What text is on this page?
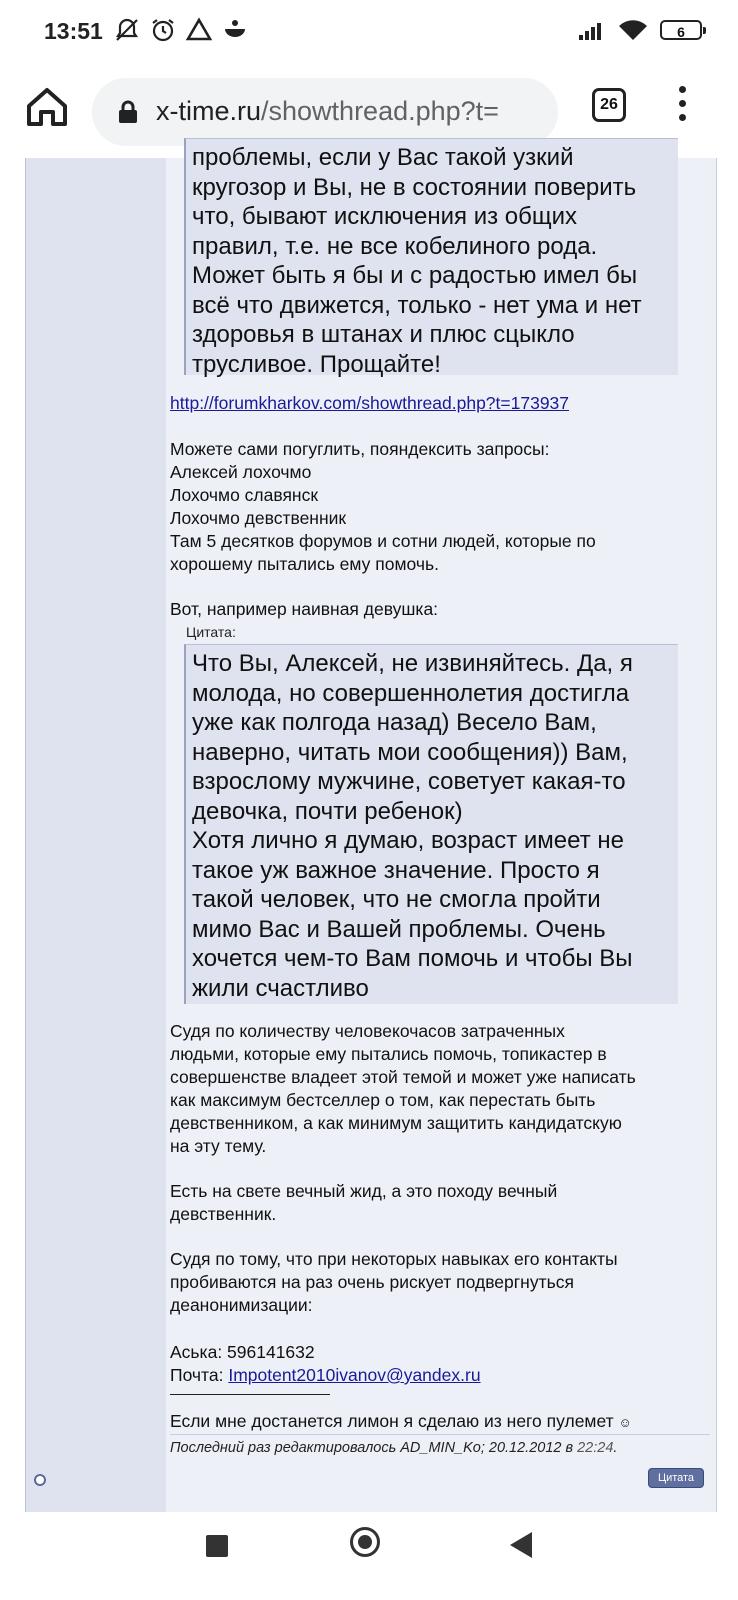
13:51	6
x-time.ru/showthread.php?t=	26
проблемы, если у Вас такой узкий
кругозор и Вы, не в состоянии поверить
что, бывают исключения из общих
правил, т.е. не все кобелиного рода.
Может быть я бы и с радостью имел бы
всё что движется, только - нет ума и нет
здоровья в штанах и плюс сцыкло
трусливое. Прощайте!
http://forumkharkov.com/showthread.php?t=173937
Можете сами погуглить, пояндексить запросы:
Алексей лохочмо
Лохочмо славянск
Лохочмо девственник
Там 5 десятков форумов и сотни людей, которые по
хорошему пытались ему помочь.
Вот, например наивная девушка:
Цитата:
Что Вы, Алексей, не извиняйтесь. Да, я
молода, но совершеннолетия достигла
уже как полгода назад) Весело Вам,
наверно, читать мои сообщения)) Вам,
взрослому мужчине, советует какая-то
девочка, почти ребенок)
Хотя лично я думаю, возраст имеет не
такое уж важное значение. Просто я
такой человек, что не смогла пройти
мимо Вас и Вашей проблемы. Очень
хочется чем-то Вам помочь и чтобы Вы
жили счастливо
Судя по количеству человекочасов затраченных
людьми, которые ему пытались помочь, топикастер в
совершенстве владеет этой темой и может уже написать
как максимум бестселлер о том, как перестать быть
девственником, а как минимум защитить кандидатскую
на эту тему.
Есть на свете вечный жид, а это походу вечный
девственник.
Судя по тому, что при некоторых навыках его контакты
пробиваются на раз очень рискует подвергнуться
деанонимизации:
Аська: 596141632
Почта: Impotent2010ivanov@yandex.ru
Если мне достанется лимон я сделаю из него пулемет ☺
Последний раз редактировалось AD_MIN_Ko; 20.12.2012 в 22:24.
Цитата
